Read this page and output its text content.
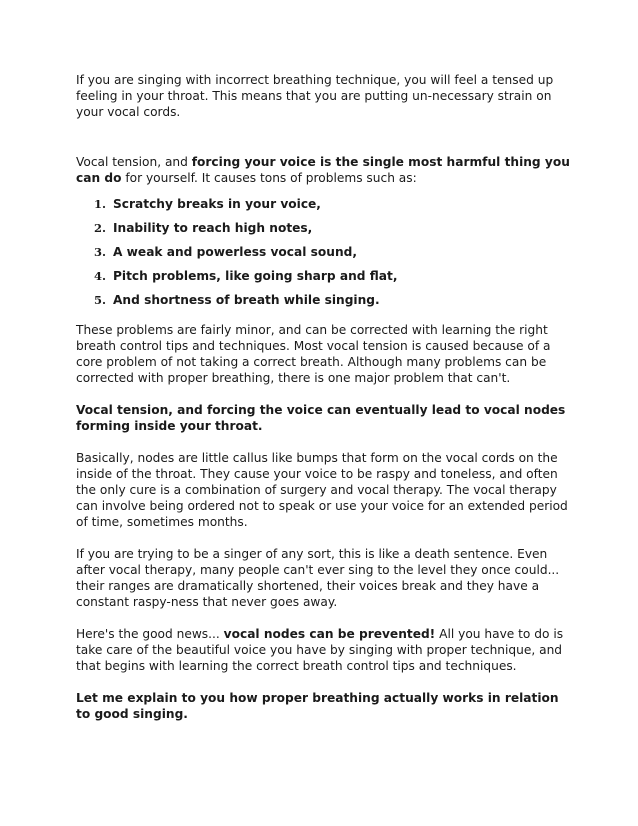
If you are singing with incorrect breathing technique, you will feel a tensed up feeling in your throat. This means that you are putting un-necessary strain on your vocal cords.

Vocal tension, and forcing your voice is the single most harmful thing you can do for yourself. It causes tons of problems such as:

1. Scratchy breaks in your voice,
2. Inability to reach high notes,
3. A weak and powerless vocal sound,
4. Pitch problems, like going sharp and flat,
5. And shortness of breath while singing.

These problems are fairly minor, and can be corrected with learning the right breath control tips and techniques. Most vocal tension is caused because of a core problem of not taking a correct breath. Although many problems can be corrected with proper breathing, there is one major problem that can't.

Vocal tension, and forcing the voice can eventually lead to vocal nodes forming inside your throat.

Basically, nodes are little callus like bumps that form on the vocal cords on the inside of the throat. They cause your voice to be raspy and toneless, and often the only cure is a combination of surgery and vocal therapy. The vocal therapy can involve being ordered not to speak or use your voice for an extended period of time, sometimes months.

If you are trying to be a singer of any sort, this is like a death sentence. Even after vocal therapy, many people can't ever sing to the level they once could... their ranges are dramatically shortened, their voices break and they have a constant raspy-ness that never goes away.

Here's the good news... vocal nodes can be prevented! All you have to do is take care of the beautiful voice you have by singing with proper technique, and that begins with learning the correct breath control tips and techniques.

Let me explain to you how proper breathing actually works in relation to good singing.
